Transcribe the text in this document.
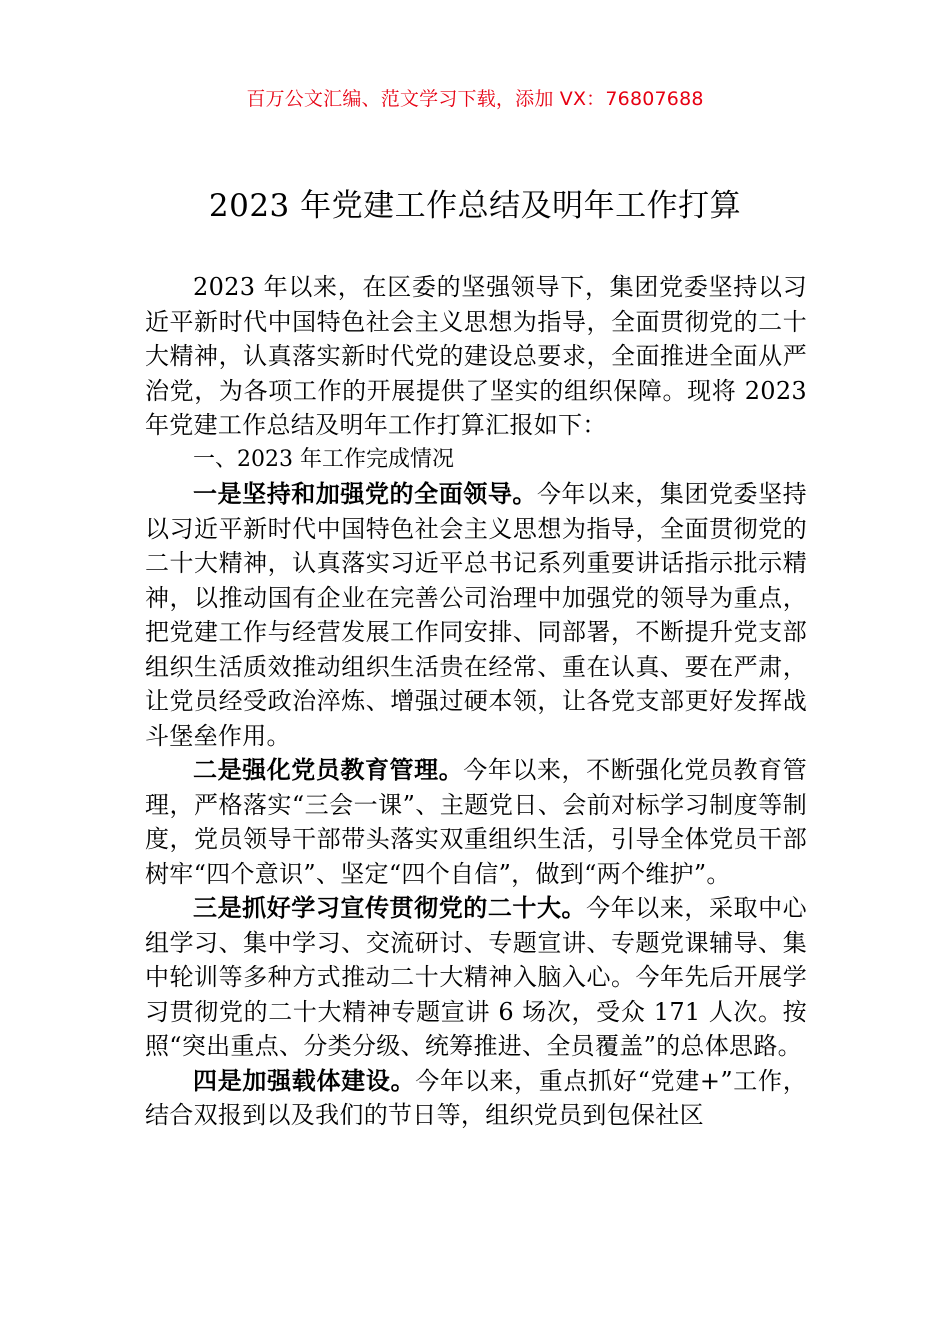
百万公文汇编、范文学习下载，添加 VX：76807688
2023 年党建工作总结及明年工作打算

2023 年以来，在区委的坚强领导下，集团党委坚持以习近平新时代中国特色社会主义思想为指导，全面贯彻党的二十大精神，认真落实新时代党的建设总要求，全面推进全面从严治党，为各项工作的开展提供了坚实的组织保障。现将 2023 年党建工作总结及明年工作打算汇报如下：

一、2023 年工作完成情况

一是坚持和加强党的全面领导。今年以来，集团党委坚持以习近平新时代中国特色社会主义思想为指导，全面贯彻党的二十大精神，认真落实习近平总书记系列重要讲话指示批示精神，以推动国有企业在完善公司治理中加强党的领导为重点，把党建工作与经营发展工作同安排、同部署，不断提升党支部组织生活质效推动组织生活贵在经常、重在认真、要在严肃，让党员经受政治淬炼、增强过硬本领，让各党支部更好发挥战斗堡垒作用。

二是强化党员教育管理。今年以来，不断强化党员教育管理，严格落实“三会一课”、主题党日、会前对标学习制度等制度，党员领导干部带头落实双重组织生活，引导全体党员干部树牢“四个意识”、坚定“四个自信”，做到“两个维护”。

三是抓好学习宣传贯彻党的二十大。今年以来，采取中心组学习、集中学习、交流研讨、专题宣讲、专题党课辅导、集中轮训等多种方式推动二十大精神入脑入心。今年先后开展学习贯彻党的二十大精神专题宣讲 6 场次，受众 171 人次。按照“突出重点、分类分级、统筹推进、全员覆盖”的总体思路。

四是加强载体建设。今年以来，重点抓好“党建+”工作，结合双报到以及我们的节日等，组织党员到包保社区
